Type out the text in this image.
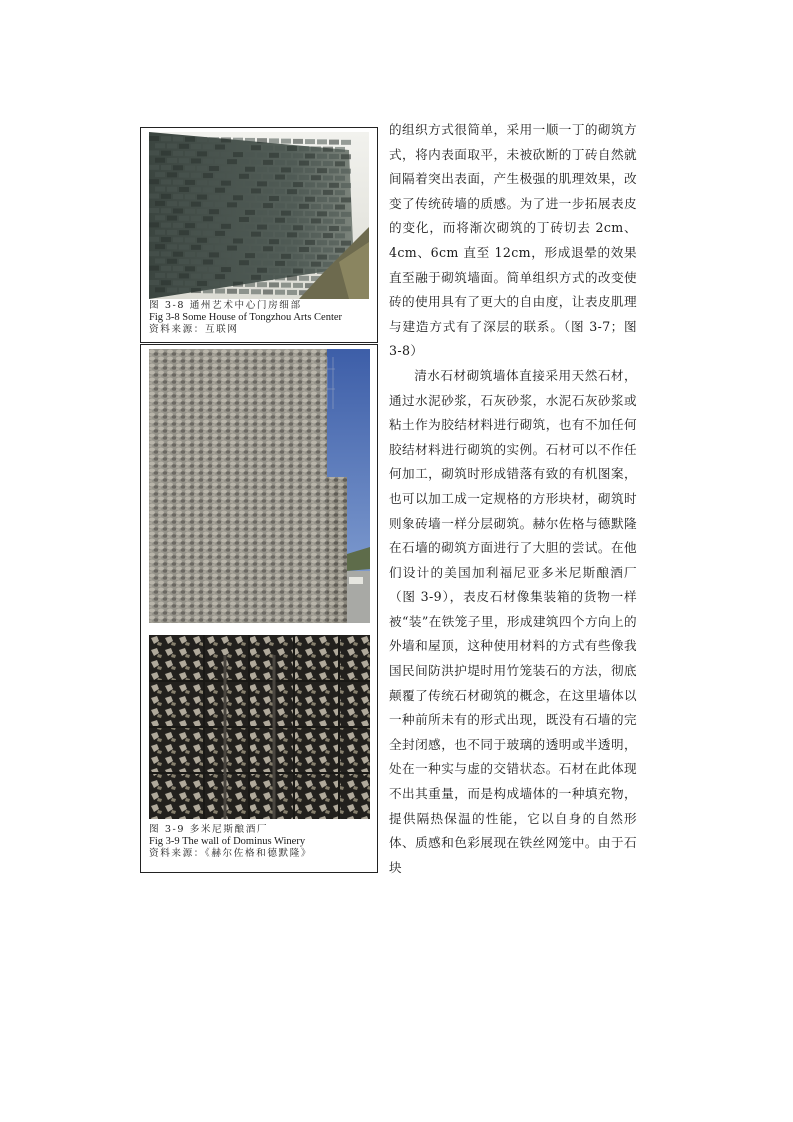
图 3-8 通州艺术中心门房细部
Fig 3-8 Some House of Tongzhou Arts Center
资料来源：互联网
图 3-9 多米尼斯酿酒厂
Fig 3-9 The wall of Dominus Winery
资料来源：《赫尔佐格和德默隆》

的组织方式很简单，采用一顺一丁的砌筑方式，将内表面取平，未被砍断的丁砖自然就间隔着突出表面，产生极强的肌理效果，改变了传统砖墙的质感。为了进一步拓展表皮的变化，而将渐次砌筑的丁砖切去 2cm、4cm、6cm 直至 12cm，形成退晕的效果直至融于砌筑墙面。简单组织方式的改变使砖的使用具有了更大的自由度，让表皮肌理与建造方式有了深层的联系。（图 3-7；图 3-8）

清水石材砌筑墙体直接采用天然石材，通过水泥砂浆，石灰砂浆，水泥石灰砂浆或粘土作为胶结材料进行砌筑，也有不加任何胶结材料进行砌筑的实例。石材可以不作任何加工，砌筑时形成错落有致的有机图案，也可以加工成一定规格的方形块材，砌筑时则象砖墙一样分层砌筑。赫尔佐格与德默隆在石墙的砌筑方面进行了大胆的尝试。在他们设计的美国加利福尼亚多米尼斯酿酒厂（图 3-9），表皮石材像集装箱的货物一样被“装”在铁笼子里，形成建筑四个方向上的外墙和屋顶，这种使用材料的方式有些像我国民间防洪护堤时用竹笼装石的方法，彻底颠覆了传统石材砌筑的概念，在这里墙体以一种前所未有的形式出现，既没有石墙的完全封闭感，也不同于玻璃的透明或半透明，处在一种实与虚的交错状态。石材在此体现不出其重量，而是构成墙体的一种填充物，提供隔热保温的性能，它以自身的自然形体、质感和色彩展现在铁丝网笼中。由于石块
